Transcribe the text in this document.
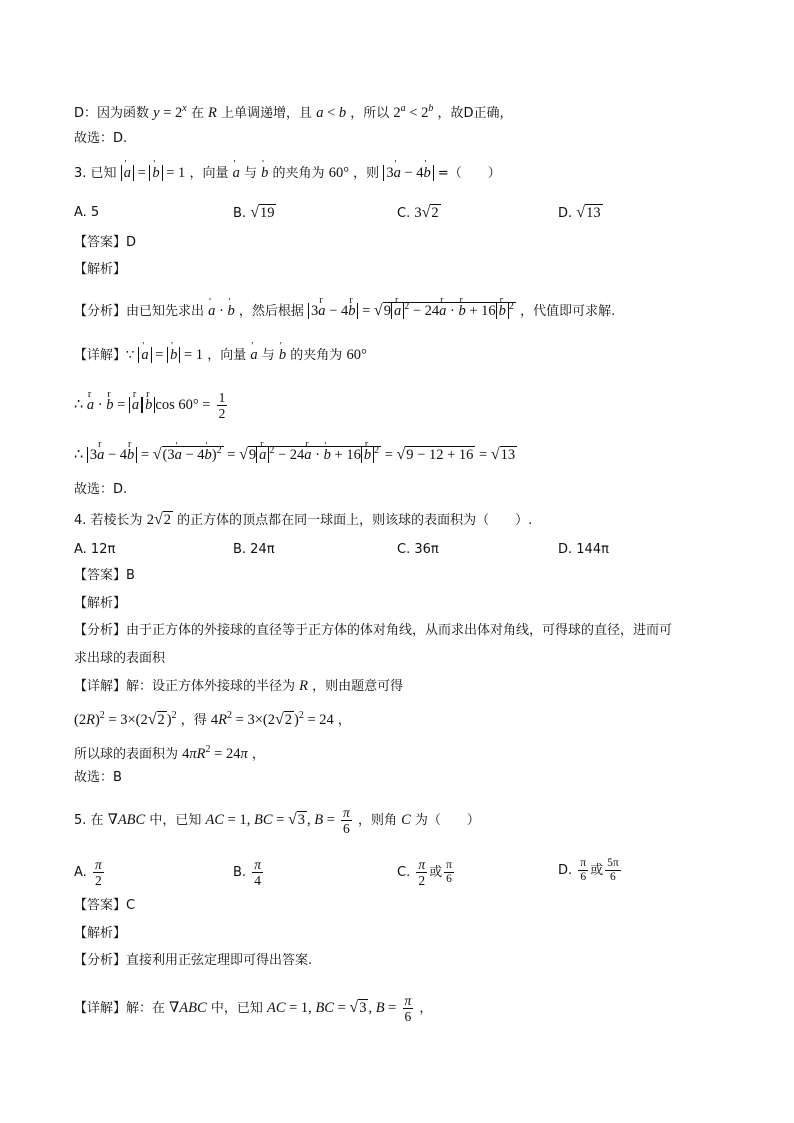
D：因为函数 $y = 2^x$ 在 R 上单调递增，且 a < b ，所以 $2^a < 2^b$ ，故D正确，
故选：D.
3. 已知 ' a = ' b = 1 ，向量 ' a 与 ' b 的夹角为 60° ，则 3' a − 4' b =（　　）
A. 5	B. √19	C. 3√2	D. √13
【答案】D
【解析】
【分析】由已知先求出 ' a · ' b ，然后根据 3r a − 4r b = √9 r a $^2$ − 24r a · r b + 16 r b $^2$ ，代值即可求解.
【详解】∵ ' a = ' b = 1 ，向量 ' a 与 ' b 的夹角为 60°
∴ r a · r b = r a r b $\cos 60^\circ = \frac{1}{2}$
∴ 3r a − 4r b = √(3' a − 4' b)$^2$ = √9 r a $^2$ − 24r a · ' b + 16 r b $^2$ = √9 − 12 + 16 = √13
故选：D.
4. 若棱长为 2√2 的正方体的顶点都在同一球面上，则该球的表面积为（　　）.
A. 12π	B. 24π	C. 36π	D. 144π
【答案】B
【解析】
【分析】由于正方体的外接球的直径等于正方体的体对角线，从而求出体对角线，可得球的直径，进而可
求出球的表面积
【详解】解：设正方体外接球的半径为 R ，则由题意可得
$(2R)^2 = 3\times(2√2$ )$^2$ ，得 $4R^2 = 3\times(2√2$ )$^2$ = 24 ，
所以球的表面积为 $4\pi R^2 = 24\pi$ ，
故选：B
5. 在 ∇ABC 中，已知 AC = 1, BC = √3 , $B = \frac{\pi}{6}$ ，则角 C 为（　　）
A. $\frac{\pi}{2}$	B. $\frac{\pi}{4}$	C. $\frac{\pi}{2}$ 或 $\frac{\pi}{6}$	D. $\frac{\pi}{6}$ 或 $\frac{5\pi}{6}$
【答案】C
【解析】
【分析】直接利用正弦定理即可得出答案.
【详解】解：在 ∇ABC 中，已知 AC = 1, BC = √3 , $B = \frac{\pi}{6}$ ，
